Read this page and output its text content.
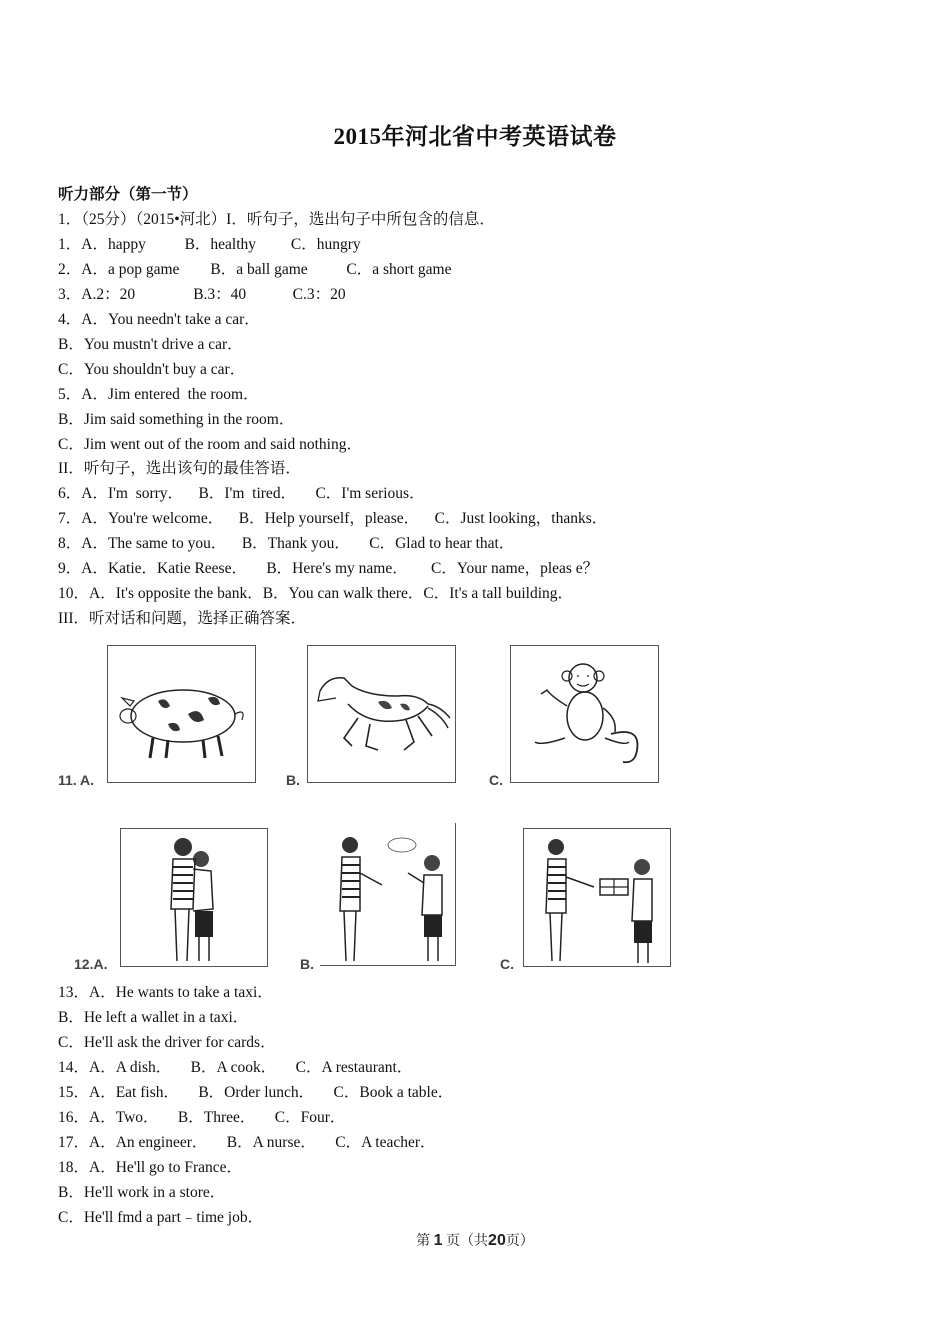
2015年河北省中考英语试卷
听力部分（第一节）
1．（25分）（2015•河北）I．听句子，选出句子中所包含的信息．
1．A．happy          B．healthy         C．hungry
2．A．a pop game        B．a ball game          C．a short game
3．A.2：20               B.3：40            C.3：20
4．A．You needn't take a car．
B．You mustn't drive a car．
C．You shouldn't buy a car．
5．A．Jim entered  the room．
B．Jim said something in the room．
C．Jim went out of the room and said nothing．
II．听句子，选出该句的最佳答语．
6．A．I'm  sorry．    B．I'm  tired．     C．I'm serious．
7．A．You're welcome．    B．Help yourself，please．    C．Just looking，thanks．
8．A．The same to you．    B．Thank you．     C．Glad to hear that．
9．A．Katie．Katie Reese．     B．Here's my name．      C．Your name，pleas e？
10．A．It's opposite the bank．B．You can walk there．C．It's a tall building．
III．听对话和问题，选择正确答案．
11. A.	B.	C.
12.A.	B.	C.
13．A．He wants to take a taxi．
B．He left a wallet in a taxi．
C．He'll ask the driver for cards．
14．A．A dish．     B．A cook．     C．A restaurant．
15．A．Eat fish．     B．Order lunch．     C．Book a table．
16．A．Two．     B．Three．     C．Four．
17．A．An engineer．     B．A nurse．     C．A teacher．
18．A．He'll go to France．
B．He'll work in a store．
C．He'll fmd a part﹣time job．
第 1 页（共20页）
